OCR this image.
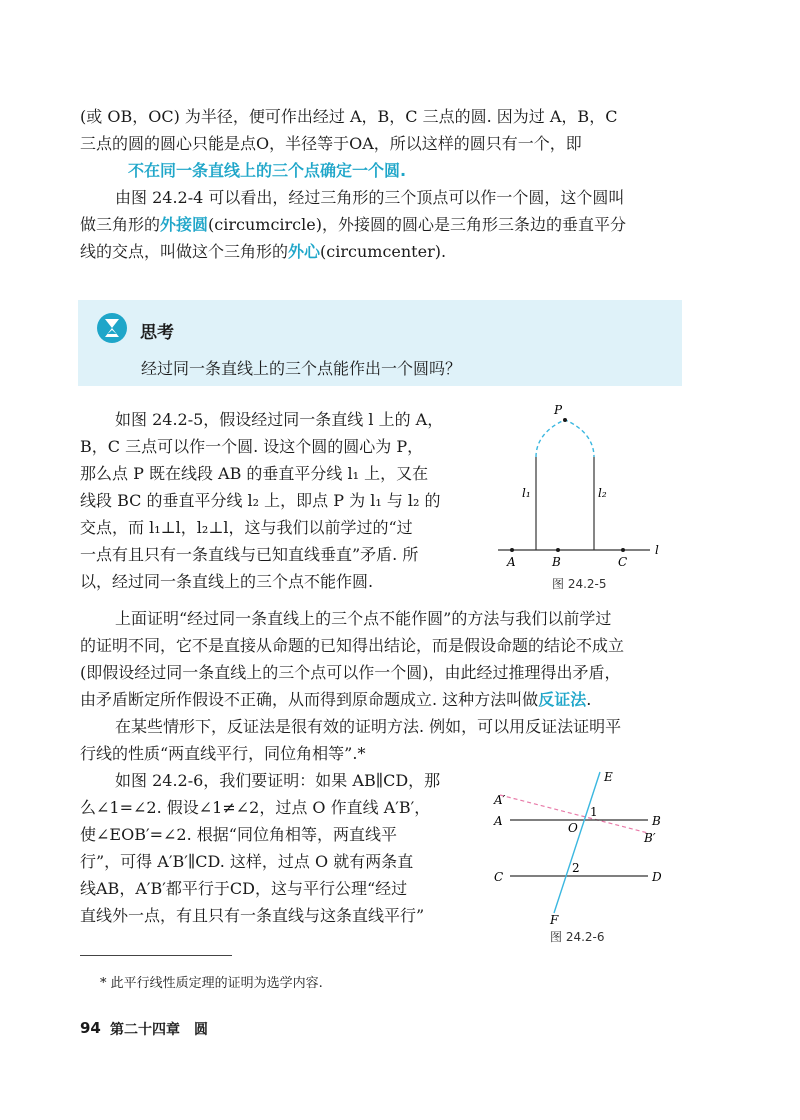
(或 OB，OC) 为半径，便可作出经过 A，B，C 三点的圆. 因为过 A，B，C
三点的圆的圆心只能是点O，半径等于OA，所以这样的圆只有一个，即
不在同一条直线上的三个点确定一个圆.
由图 24.2-4 可以看出，经过三角形的三个顶点可以作一个圆，这个圆叫
做三角形的外接圆(circumcircle)，外接圆的圆心是三角形三条边的垂直平分
线的交点，叫做这个三角形的外心(circumcenter).
思考
经过同一条直线上的三个点能作出一个圆吗？
如图 24.2-5，假设经过同一条直线 l 上的 A，
B，C 三点可以作一个圆. 设这个圆的圆心为 P，
那么点 P 既在线段 AB 的垂直平分线 l₁ 上，又在
线段 BC 的垂直平分线 l₂ 上，即点 P 为 l₁ 与 l₂ 的
交点，而 l₁⊥l，l₂⊥l，这与我们以前学过的“过
一点有且只有一条直线与已知直线垂直”矛盾. 所
以，经过同一条直线上的三个点不能作圆.
P
l₁	l₂
A	B	C
l
图 24.2-5
上面证明“经过同一条直线上的三个点不能作圆”的方法与我们以前学过
的证明不同，它不是直接从命题的已知得出结论，而是假设命题的结论不成立
(即假设经过同一条直线上的三个点可以作一个圆)，由此经过推理得出矛盾，
由矛盾断定所作假设不正确，从而得到原命题成立. 这种方法叫做反证法.
在某些情形下，反证法是很有效的证明方法. 例如，可以用反证法证明平
行线的性质“两直线平行，同位角相等”.*
如图 24.2-6，我们要证明：如果 AB∥CD，那
么∠1=∠2. 假设∠1≠∠2，过点 O 作直线 A′B′，
使∠EOB′=∠2. 根据“同位角相等，两直线平
行”，可得 A′B′∥CD. 这样，过点 O 就有两条直
线AB，A′B′都平行于CD，这与平行公理“经过
直线外一点，有且只有一条直线与这条直线平行”
E
A′
A	O
1
B
B′
C
2
D
F
图 24.2-6
* 此平行线性质定理的证明为选学内容.
94 第二十四章　圆
